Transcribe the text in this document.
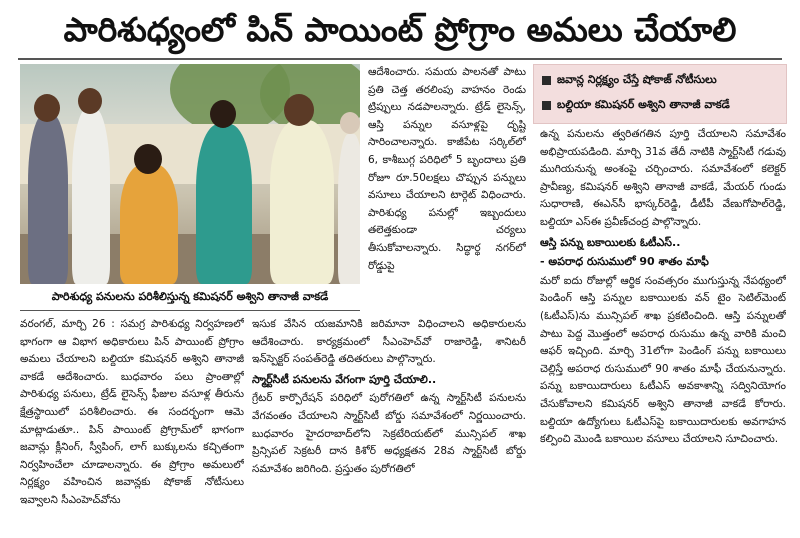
పారిశుధ్యంలో పిన్ పాయింట్ ప్రోగ్రాం అమలు చేయాలి
పారిశుధ్య పనులను పరిశీలిస్తున్న కమిషనర్ అశ్విని తానాజీ వాకడే

వరంగల్, మార్చి 26 : సమగ్ర పారిశుధ్య నిర్వహణలో భాగంగా ఆ విభాగ అధికారులు పిన్ పాయింట్ ప్రోగ్రాం అమలు చేయాలని బల్దియా కమిషనర్ అశ్విని తానాజీ వాకడే ఆదేశించారు. బుధవారం పలు ప్రాంతాల్లో పారిశుధ్య పనులు, ట్రేడ్ లైసెన్స్ ఫీజుల వసూళ్ల తీరును క్షేత్రస్థాయిలో పరిశీలించారు. ఈ సందర్భంగా ఆమె మాట్లాడుతూ.. పిన్ పాయింట్ ప్రోగ్రామ్‌లో భాగంగా జవాన్లు క్లీనింగ్, స్వీపింగ్, లాగ్ బుక్కులను కచ్చితంగా నిర్వహించేలా చూడాలన్నారు. ఈ ప్రోగ్రాం అమలులో నిర్లక్ష్యం వహించిన జవాన్లకు షోకాజ్ నోటీసులు ఇవ్వాలని సీఎంహెచ్‌వోను

ఆదేశించారు. సమయ పాలనతో పాటు ప్రతి చెత్త తరలింపు వాహనం రెండు ట్రిప్పులు నడపాలన్నారు. ట్రేడ్ లైసెన్స్, ఆస్తి పన్నుల వసూళ్లపై దృష్టి సారించాలన్నారు. కాజీపేట సర్కిల్‌లో 6, కాశీబుగ్గ పరిధిలో 5 బృందాలు ప్రతి రోజూ రూ.50లక్షలు చొప్పున పన్నులు వసూలు చేయాలని టార్గెట్ విధించారు. పారిశుధ్య పనుల్లో ఇబ్బందులు తలెత్తకుండా చర్యలు తీసుకోవాలన్నారు. సిద్ధార్థ నగర్‌లో రోడ్డుపై

ఇసుక వేసిన యజమానికి జరిమానా విధించాలని అధికారులను ఆదేశించారు. కార్యక్రమంలో సీఎంహెచ్‌వో రాజారెడ్డి, శానిటరీ ఇన్‌స్పెక్టర్ సంపత్‌రెడ్డి తదితరులు పాల్గొన్నారు.

స్మార్ట్‌సిటీ పనులను వేగంగా పూర్తి చేయాలి..

గ్రేటర్ కార్పొరేషన్ పరిధిలో పురోగతిలో ఉన్న స్మార్ట్‌సిటీ పనులను వేగవంతం చేయాలని స్మార్ట్‌సిటీ బోర్డు సమావేశంలో నిర్ణయించారు. బుధవారం హైదరాబాద్‌లోని సెక్రటేరియట్‌లో మున్సిపల్ శాఖ ప్రిన్సిపల్ సెక్రటరీ దాన కిశోర్ అధ్యక్షతన 28వ స్మార్ట్‌సిటీ బోర్డు సమావేశం జరిగింది. ప్రస్తుతం పురోగతిలో

జవాన్ల నిర్లక్ష్యం చేస్తే షోకాజ్ నోటీసులు
బల్దియా కమిషనర్ అశ్విని తానాజీ వాకడే

ఉన్న పనులను త్వరితగతిన పూర్తి చేయాలని సమావేశం అభిప్రాయపడింది. మార్చి 31వ తేదీ నాటికి స్మార్ట్‌సిటీ గడువు ముగియనున్న అంశంపై చర్చించారు. సమావేశంలో కలెక్టర్ ప్రావీణ్య, కమిషనర్ అశ్విని తానాజీ వాకడే, మేయర్ గుండు సుధారాణి, ఈఎన్‌సీ భాస్కర్‌రెడ్డి, డీటీపీ వేణుగోపాల్‌రెడ్డి, బల్దియా ఎస్ఈ ప్రవీణ్‌చంద్ర పాల్గొన్నారు.

ఆస్తి పన్ను బకాయిలకు ఓటీఎస్..
- అపరాధ రుసుములో 90 శాతం మాఫీ

మరో ఐదు రోజుల్లో ఆర్థిక సంవత్సరం ముగుస్తున్న నేపథ్యంలో పెండింగ్ ఆస్తి పన్నుల బకాయిలకు వన్ టైం సెటిల్‌మెంట్ (ఓటీఎస్)ను మున్సిపల్ శాఖ ప్రకటించింది. ఆస్తి పన్నులతో పాటు పెద్ద మొత్తంలో అపరాధ రుసుము ఉన్న వారికి మంచి ఆఫర్ ఇచ్చింది. మార్చి 31లోగా పెండింగ్ పన్ను బకాయిలు చెల్లిస్తే అపరాధ రుసుములో 90 శాతం మాఫీ చేయనున్నారు. పన్ను బకాయిదారులు ఓటీఎస్ అవకాశాన్ని సద్వినియోగం చేసుకోవాలని కమిషనర్ అశ్విని తానాజీ వాకడే కోరారు. బల్దియా ఉద్యోగులు ఓటీఎస్‌పై బకాయిదారులకు అవగాహన కల్పించి మొండి బకాయిల వసూలు చేయాలని సూచించారు.
